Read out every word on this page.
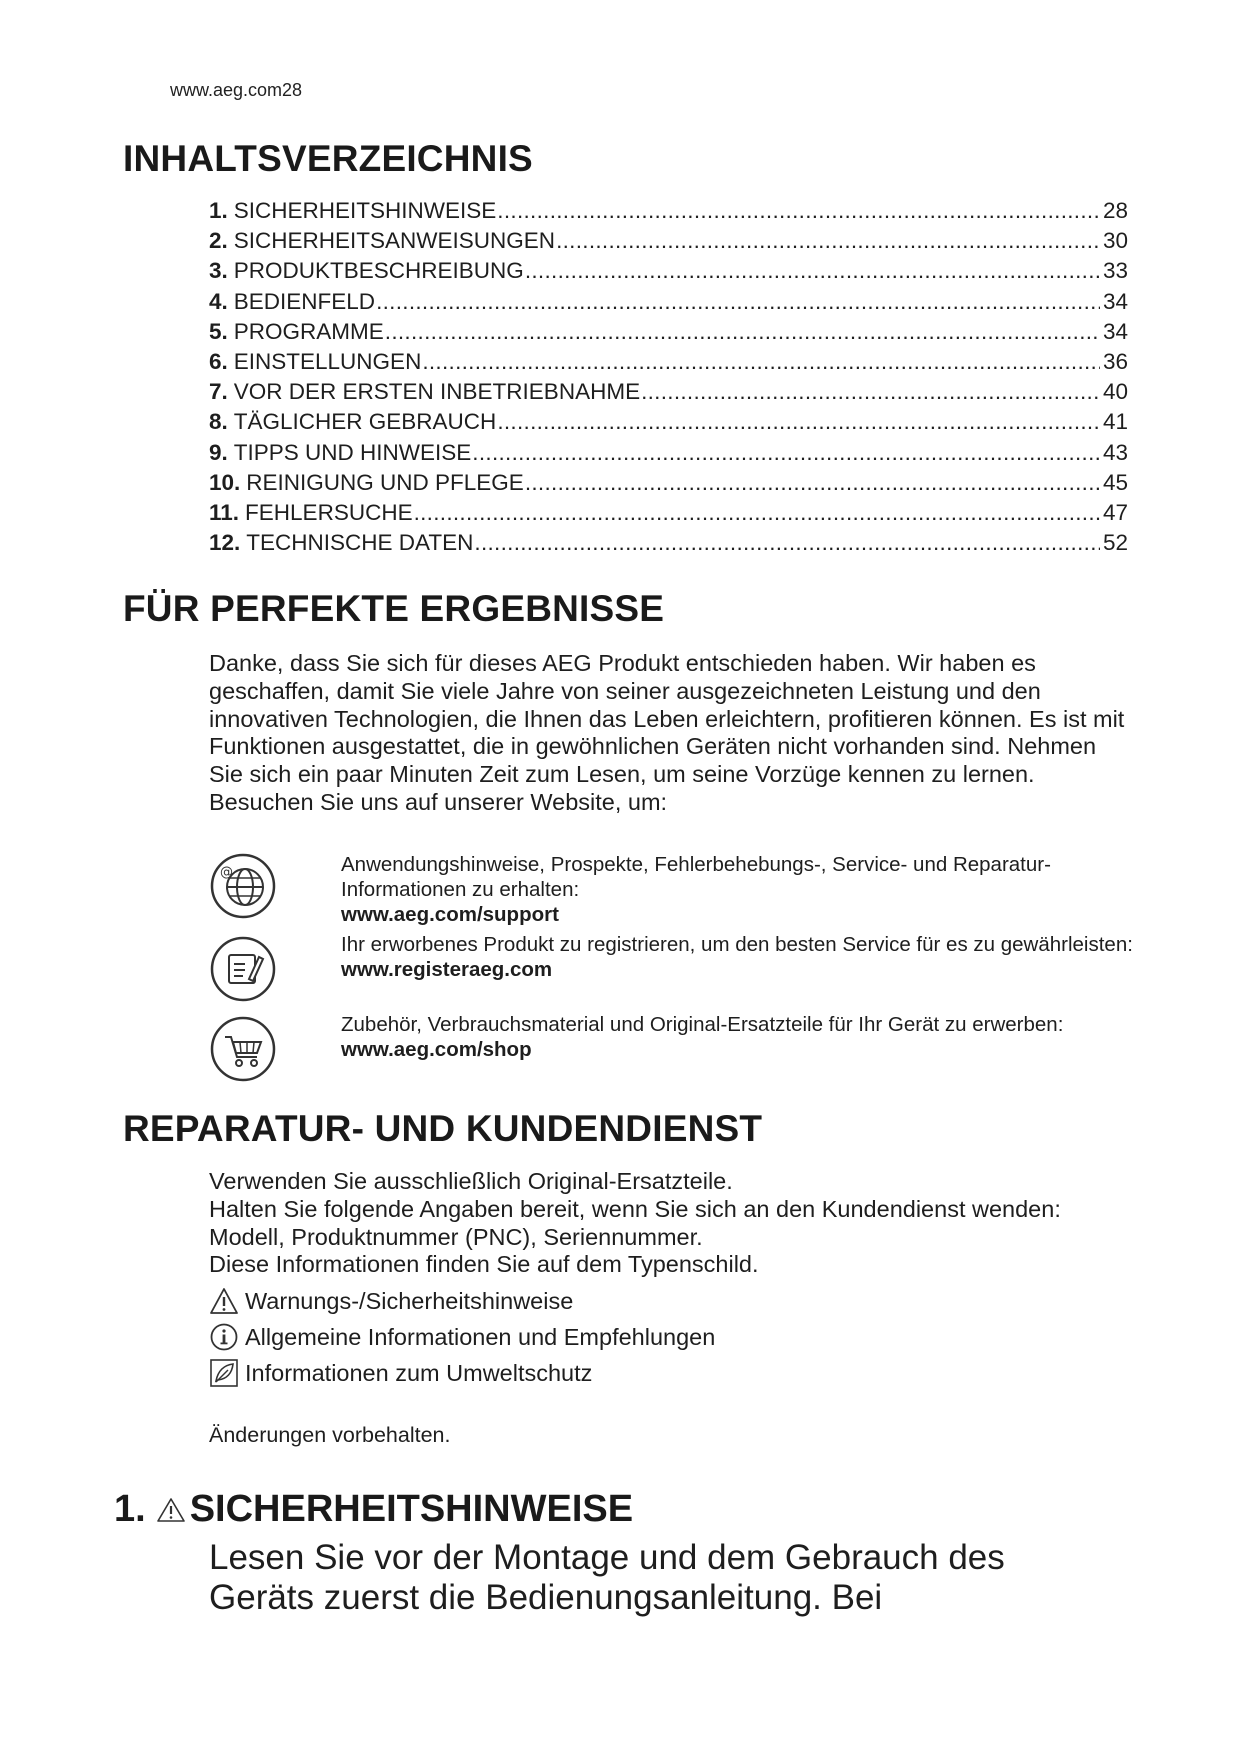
www.aeg.com28
INHALTSVERZEICHNIS
1. SICHERHEITSHINWEISE .....	28
2. SICHERHEITSANWEISUNGEN .....	30
3. PRODUKTBESCHREIBUNG .....	33
4. BEDIENFELD .....	34
5. PROGRAMME .....	34
6. EINSTELLUNGEN .....	36
7. VOR DER ERSTEN INBETRIEBNAHME .....	40
8. TÄGLICHER GEBRAUCH .....	41
9. TIPPS UND HINWEISE .....	43
10. REINIGUNG UND PFLEGE .....	45
11. FEHLERSUCHE .....	47
12. TECHNISCHE DATEN .....	52
FÜR PERFEKTE ERGEBNISSE

Danke, dass Sie sich für dieses AEG Produkt entschieden haben. Wir haben es geschaffen, damit Sie viele Jahre von seiner ausgezeichneten Leistung und den innovativen Technologien, die Ihnen das Leben erleichtern, profitieren können. Es ist mit Funktionen ausgestattet, die in gewöhnlichen Geräten nicht vorhanden sind. Nehmen Sie sich ein paar Minuten Zeit zum Lesen, um seine Vorzüge kennen zu lernen.

Besuchen Sie uns auf unserer Website, um:

@	Anwendungshinweise, Prospekte, Fehlerbehebungs-, Service- und Reparatur-Informationen zu erhalten:
www.aeg.com/support
Ihr erworbenes Produkt zu registrieren, um den besten Service für es zu gewährleisten:
www.registeraeg.com
Zubehör, Verbrauchsmaterial und Original-Ersatzteile für Ihr Gerät zu erwerben:
www.aeg.com/shop
REPARATUR- UND KUNDENDIENST

Verwenden Sie ausschließlich Original-Ersatzteile.

Halten Sie folgende Angaben bereit, wenn Sie sich an den Kundendienst wenden: Modell, Produktnummer (PNC), Seriennummer.

Diese Informationen finden Sie auf dem Typenschild.

Warnungs-/Sicherheitshinweise
Allgemeine Informationen und Empfehlungen
Informationen zum Umweltschutz
Änderungen vorbehalten.
1. SICHERHEITSHINWEISE
Lesen Sie vor der Montage und dem Gebrauch des Geräts zuerst die Bedienungsanleitung. Bei
